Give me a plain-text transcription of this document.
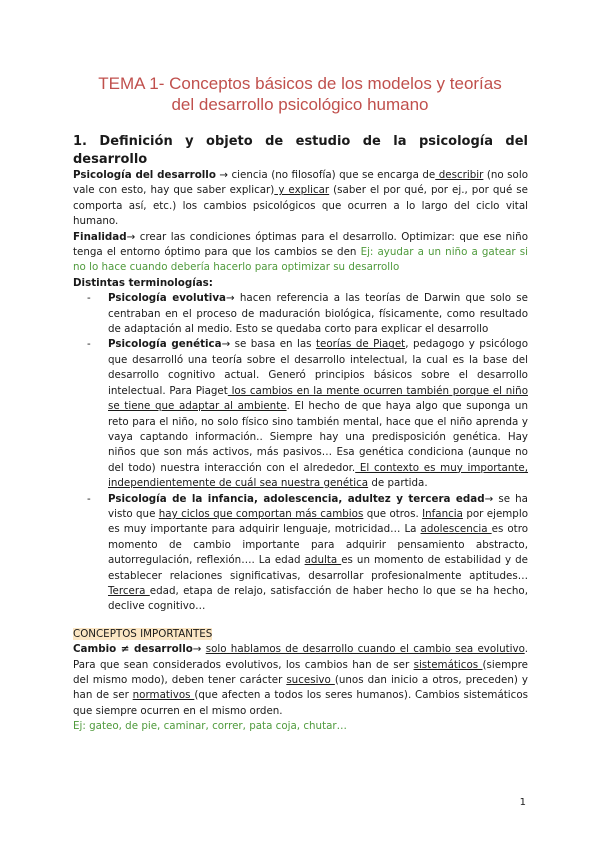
TEMA 1- Conceptos básicos de los modelos y teorías
del desarrollo psicológico humano
1. Definición y objeto de estudio de la psicología del desarrollo

Psicología del desarrollo → ciencia (no filosofía) que se encarga de describir (no solo vale con esto, hay que saber explicar) y explicar (saber el por qué, por ej., por qué se comporta así, etc.) los cambios psicológicos que ocurren a lo largo del ciclo vital humano.

Finalidad→ crear las condiciones óptimas para el desarrollo. Optimizar: que ese niño tenga el entorno óptimo para que los cambios se den Ej: ayudar a un niño a gatear si no lo hace cuando debería hacerlo para optimizar su desarrollo

Distintas terminologías:

- Psicología evolutiva→ hacen referencia a las teorías de Darwin que solo se centraban en el proceso de maduración biológica, físicamente, como resultado de adaptación al medio. Esto se quedaba corto para explicar el desarrollo
- Psicología genética→ se basa en las teorías de Piaget, pedagogo y psicólogo que desarrolló una teoría sobre el desarrollo intelectual, la cual es la base del desarrollo cognitivo actual. Generó principios básicos sobre el desarrollo intelectual. Para Piaget los cambios en la mente ocurren también porque el niño se tiene que adaptar al ambiente. El hecho de que haya algo que suponga un reto para el niño, no solo físico sino también mental, hace que el niño aprenda y vaya captando información.. Siempre hay una predisposición genética. Hay niños que son más activos, más pasivos… Esa genética condiciona (aunque no del todo) nuestra interacción con el alrededor. El contexto es muy importante, independientemente de cuál sea nuestra genética de partida.
- Psicología de la infancia, adolescencia, adultez y tercera edad→ se ha visto que hay ciclos que comportan más cambios que otros. Infancia por ejemplo es muy importante para adquirir lenguaje, motricidad… La adolescencia es otro momento de cambio importante para adquirir pensamiento abstracto, autorregulación, reflexión…. La edad adulta es un momento de estabilidad y de establecer relaciones significativas, desarrollar profesionalmente aptitudes… Tercera edad, etapa de relajo, satisfacción de haber hecho lo que se ha hecho, declive cognitivo…

CONCEPTOS IMPORTANTES

Cambio ≠ desarrollo→ solo hablamos de desarrollo cuando el cambio sea evolutivo. Para que sean considerados evolutivos, los cambios han de ser sistemáticos (siempre del mismo modo), deben tener carácter sucesivo (unos dan inicio a otros, preceden) y han de ser normativos (que afecten a todos los seres humanos). Cambios sistemáticos que siempre ocurren en el mismo orden.

Ej: gateo, de pie, caminar, correr, pata coja, chutar…

1
